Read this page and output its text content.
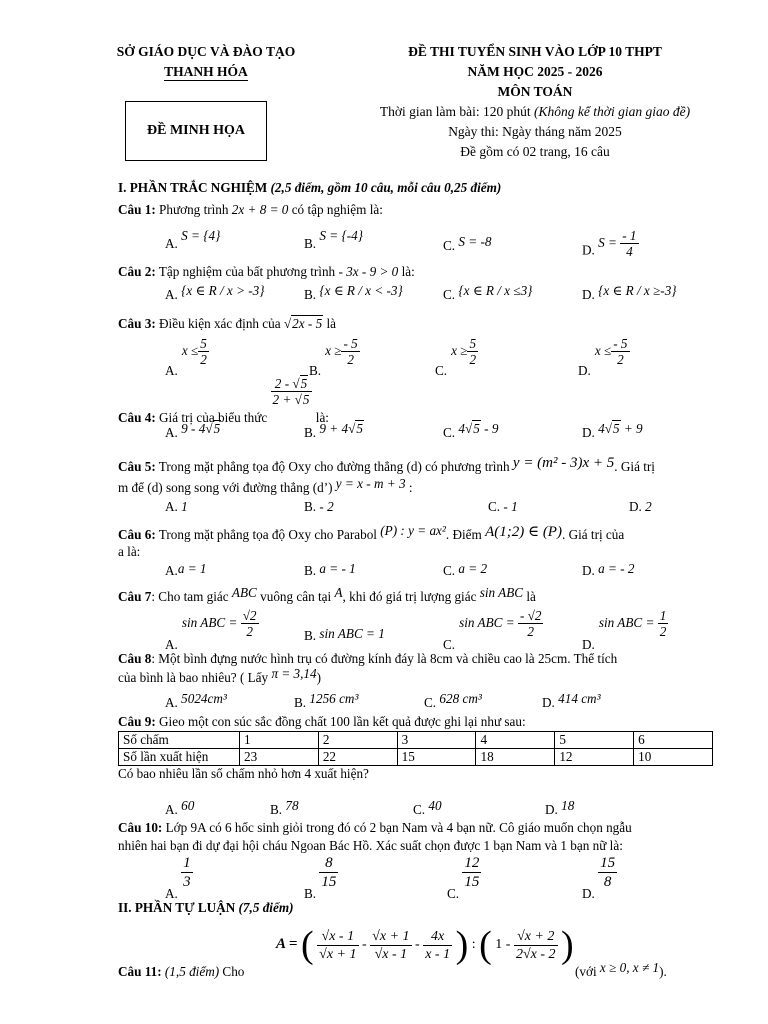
SỞ GIÁO DỤC VÀ ĐÀO TẠO
THANH HÓA
ĐỀ THI TUYỂN SINH VÀO LỚP 10 THPT
NĂM HỌC 2025 - 2026
MÔN TOÁN
Thời gian làm bài: 120 phút (Không kể thời gian giao đề)
Ngày thi: Ngày tháng năm 2025
Đề gồm có 02 trang, 16 câu
ĐỀ MINH HỌA
I. PHẦN TRẮC NGHIỆM (2,5 điểm, gồm 10 câu, mỗi câu 0,25 điểm)
Câu 1: Phương trình 2x + 8 = 0 có tập nghiệm là:
A. S = {4}
B. S = {-4}
C. S = -8
D. $S = \frac{- 1}{4}$
Câu 2: Tập nghiệm của bất phương trình - 3x - 9 > 0 là:
A. {x ∈ R / x > -3}	B. {x ∈ R / x < -3}	C. {x ∈ R / x ≤3}	D. {x ∈ R / x ≥-3}
Câu 3: Điều kiện xác định của √2x - 5 là
$A.x \le \frac{5}{2}$
$B.x \ge \frac{- 5}{2}$
$C.x \ge \frac{5}{2}$
$D.x \le \frac{- 5}{2}$
Câu 4: Giá trị của biểu thức
$\frac{2 - √5}{2 + √5}$
là:
A. 9 - 4√5	B. 9 + 4√5	C. 4√5 - 9	D. 4√5 + 9
Câu 5: Trong mặt phẳng tọa độ Oxy cho đường thẳng (d) có phương trình y = (m² - 3)x + 5. Giá trị
m để (d) song song với đường thẳng (d’) y = x - m + 3 :
A. 1	B. - 2	C. - 1	D. 2
Câu 6: Trong mặt phẳng tọa độ Oxy cho Parabol (P) : y = ax². Điểm A(1;2) ∈ (P). Giá trị của
a là:
A.a = 1	B. a = - 1	C. a = 2	D. a = - 2
Câu 7: Cho tam giác ABC vuông cân tại A, khi đó giá trị lượng giác sin ABC là
A.sin ABC = $\frac{√2}{2}$	B. sin ABC = 1
C.sin ABC = $\frac{- √2}{2}$
D.sin ABC = $\frac{1}{2}$
Câu 8: Một bình đựng nước hình trụ có đường kính đáy là 8cm và chiều cao là 25cm. Thể tích
của bình là bao nhiêu? ( Lấy π = 3,14)
A. 5024cm³	B. 1256 cm³	C. 628 cm³	D. 414 cm³
Câu 9: Gieo một con súc sắc đồng chất 100 lần kết quả được ghi lại như sau:
Số chấm	1	2	3	4	5	6
Số lần xuất hiện	23	22	15	18	12	10
Có bao nhiêu lần số chấm nhỏ hơn 4 xuất hiện?
A. 60	B. 78	C. 40	D. 18
Câu 10: Lớp 9A có 6 hốc sinh giỏi trong đó có 2 bạn Nam và 4 bạn nữ. Cô giáo muốn chọn ngẫu
nhiên hai bạn đi dự đại hội cháu Ngoan Bác Hồ. Xác suất chọn được 1 bạn Nam và 1 bạn nữ là:
A.
$\frac{1}{3}$
B.
$\frac{8}{15}$
C.
$\frac{12}{15}$
D.
$\frac{15}{8}$
II. PHẦN TỰ LUẬN (7,5 điểm)
Câu 11: (1,5 điểm) Cho
A = ( $\frac{√x - 1}{√x + 1} - \frac{√x + 1}{√x - 1} - \frac{4x}{x - 1}$ ) : ( $1 - \frac{√x + 2}{2√x - 2}$ )
(với x ≥ 0, x ≠ 1).
